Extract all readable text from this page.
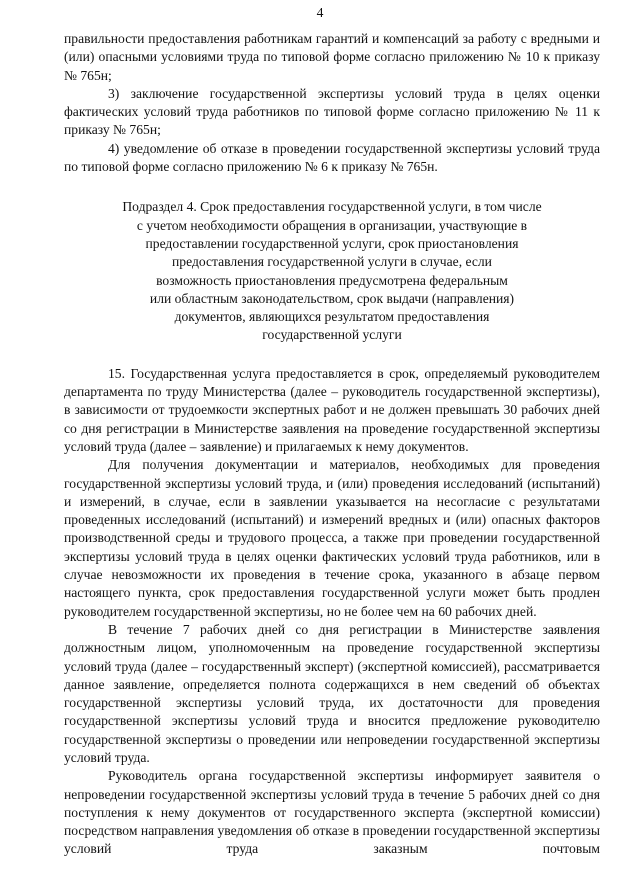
4

правильности предоставления работникам гарантий и компенсаций за работу с вредными и (или) опасными условиями труда по типовой форме согласно приложению № 10 к приказу № 765н;

3) заключение государственной экспертизы условий труда в целях оценки фактических условий труда работников по типовой форме согласно приложению № 11 к приказу № 765н;

4) уведомление об отказе в проведении государственной экспертизы условий труда по типовой форме согласно приложению № 6 к приказу № 765н.

Подраздел 4. Срок предоставления государственной услуги, в том числе
с учетом необходимости обращения в организации, участвующие в
предоставлении государственной услуги, срок приостановления
предоставления государственной услуги в случае, если
возможность приостановления предусмотрена федеральным
или областным законодательством, срок выдачи (направления)
документов, являющихся результатом предоставления
государственной услуги

15. Государственная услуга предоставляется в срок, определяемый руководителем департамента по труду Министерства (далее – руководитель государственной экспертизы), в зависимости от трудоемкости экспертных работ и не должен превышать 30 рабочих дней со дня регистрации в Министерстве заявления на проведение государственной экспертизы условий труда (далее – заявление) и прилагаемых к нему документов.

Для получения документации и материалов, необходимых для проведения государственной экспертизы условий труда, и (или) проведения исследований (испытаний) и измерений, в случае, если в заявлении указывается на несогласие с результатами проведенных исследований (испытаний) и измерений вредных и (или) опасных факторов производственной среды и трудового процесса, а также при проведении государственной экспертизы условий труда в целях оценки фактических условий труда работников, или в случае невозможности их проведения в течение срока, указанного в абзаце первом настоящего пункта, срок предоставления государственной услуги может быть продлен руководителем государственной экспертизы, но не более чем на 60 рабочих дней.

В течение 7 рабочих дней со дня регистрации в Министерстве заявления должностным лицом, уполномоченным на проведение государственной экспертизы условий труда (далее – государственный эксперт) (экспертной комиссией), рассматривается данное заявление, определяется полнота содержащихся в нем сведений об объектах государственной экспертизы условий труда, их достаточности для проведения государственной экспертизы условий труда и вносится предложение руководителю государственной экспертизы о проведении или непроведении государственной экспертизы условий труда.

Руководитель органа государственной экспертизы информирует заявителя о непроведении государственной экспертизы условий труда в течение 5 рабочих дней со дня поступления к нему документов от государственного эксперта (экспертной комиссии) посредством направления уведомления об отказе в проведении государственной экспертизы условий труда заказным почтовым
